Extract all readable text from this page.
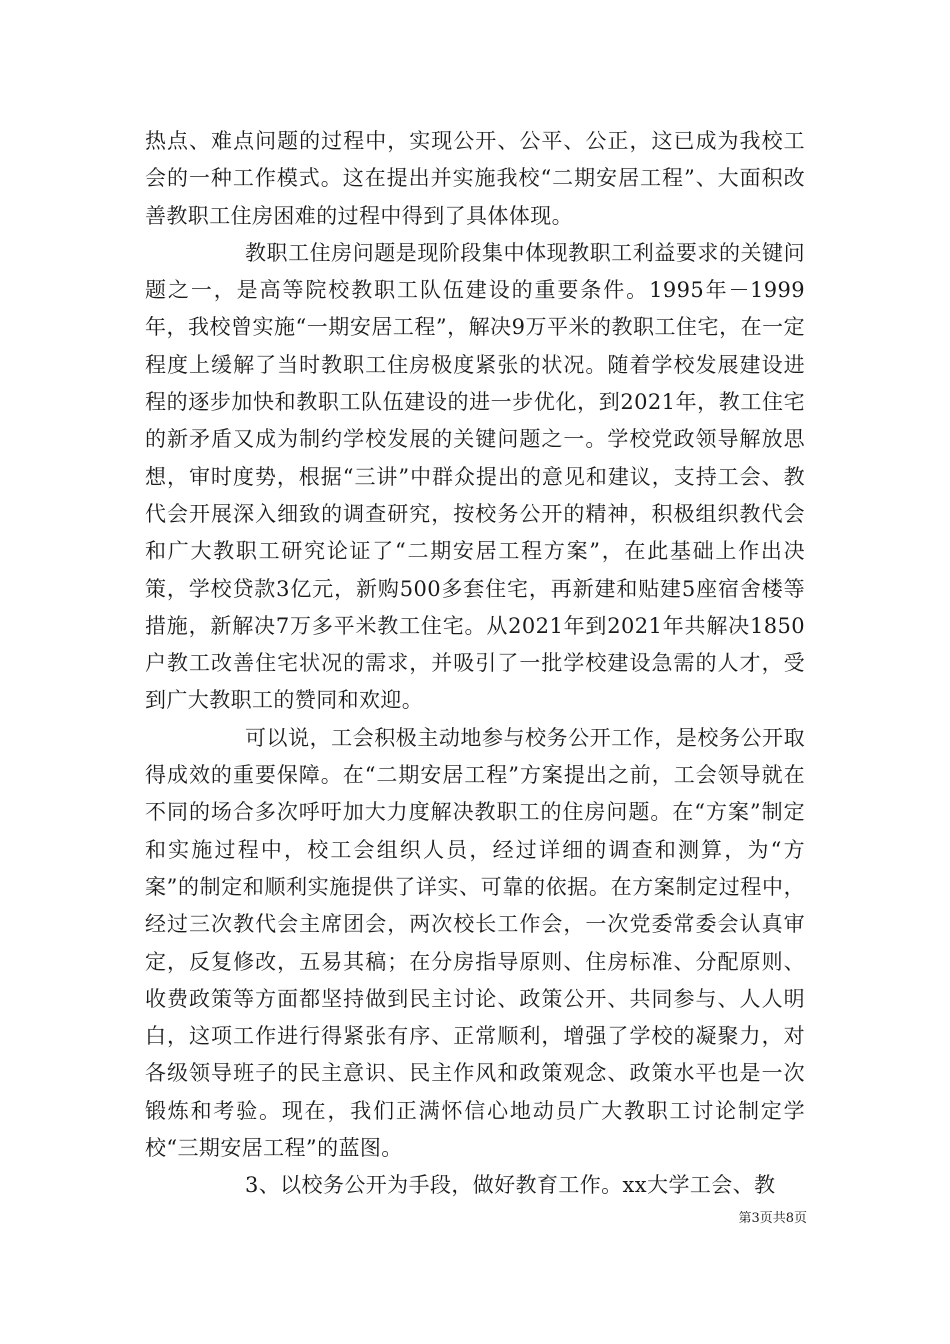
热点、难点问题的过程中，实现公开、公平、公正，这已成为我校工会的一种工作模式。这在提出并实施我校“二期安居工程”、大面积改善教职工住房困难的过程中得到了具体体现。

教职工住房问题是现阶段集中体现教职工利益要求的关键问题之一，是高等院校教职工队伍建设的重要条件。1995年－1999年，我校曾实施“一期安居工程”，解决9万平米的教职工住宅，在一定程度上缓解了当时教职工住房极度紧张的状况。随着学校发展建设进程的逐步加快和教职工队伍建设的进一步优化，到2021年，教工住宅的新矛盾又成为制约学校发展的关键问题之一。学校党政领导解放思想，审时度势，根据“三讲”中群众提出的意见和建议，支持工会、教代会开展深入细致的调查研究，按校务公开的精神，积极组织教代会和广大教职工研究论证了“二期安居工程方案”，在此基础上作出决策，学校贷款3亿元，新购500多套住宅，再新建和贴建5座宿舍楼等措施，新解决7万多平米教工住宅。从2021年到2021年共解决1850户教工改善住宅状况的需求，并吸引了一批学校建设急需的人才，受到广大教职工的赞同和欢迎。

可以说，工会积极主动地参与校务公开工作，是校务公开取得成效的重要保障。在“二期安居工程”方案提出之前，工会领导就在不同的场合多次呼吁加大力度解决教职工的住房问题。在“方案”制定和实施过程中，校工会组织人员，经过详细的调查和测算，为“方案”的制定和顺利实施提供了详实、可靠的依据。在方案制定过程中，经过三次教代会主席团会，两次校长工作会，一次党委常委会认真审定，反复修改，五易其稿；在分房指导原则、住房标准、分配原则、收费政策等方面都坚持做到民主讨论、政策公开、共同参与、人人明白，这项工作进行得紧张有序、正常顺利，增强了学校的凝聚力，对各级领导班子的民主意识、民主作风和政策观念、政策水平也是一次锻炼和考验。现在，我们正满怀信心地动员广大教职工讨论制定学校“三期安居工程”的蓝图。

3、以校务公开为手段，做好教育工作。xx大学工会、教

第3页共8页
